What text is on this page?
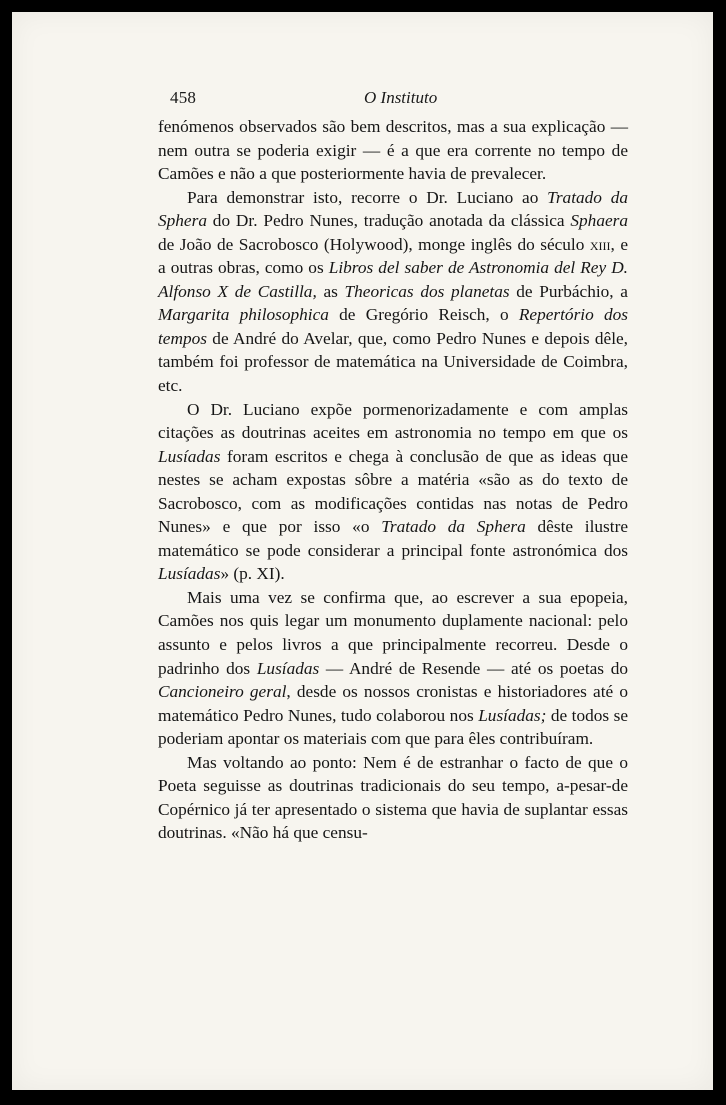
458	O Instituto

fenómenos observados são bem descritos, mas a sua explicação — nem outra se poderia exigir — é a que era corrente no tempo de Camões e não a que posteriormente havia de prevalecer.

Para demonstrar isto, recorre o Dr. Luciano ao Tratado da Sphera do Dr. Pedro Nunes, tradução anotada da clássica Sphaera de João de Sacrobosco (Holywood), monge inglês do século xiii, e a outras obras, como os Libros del saber de Astronomia del Rey D. Alfonso X de Castilla, as Theoricas dos planetas de Purbáchio, a Margarita philosophica de Gregório Reisch, o Repertório dos tempos de André do Avelar, que, como Pedro Nunes e depois dêle, também foi professor de matemática na Universidade de Coimbra, etc.

O Dr. Luciano expõe pormenorizadamente e com amplas citações as doutrinas aceites em astronomia no tempo em que os Lusíadas foram escritos e chega à conclusão de que as ideas que nestes se acham expostas sôbre a matéria «são as do texto de Sacrobosco, com as modificações contidas nas notas de Pedro Nunes» e que por isso «o Tratado da Sphera dêste ilustre matemático se pode considerar a principal fonte astronómica dos Lusíadas» (p. XI).

Mais uma vez se confirma que, ao escrever a sua epopeia, Camões nos quis legar um monumento duplamente nacional: pelo assunto e pelos livros a que principalmente recorreu. Desde o padrinho dos Lusíadas — André de Resende — até os poetas do Cancioneiro geral, desde os nossos cronistas e historiadores até o matemático Pedro Nunes, tudo colaborou nos Lusíadas; de todos se poderiam apontar os materiais com que para êles contribuíram.

Mas voltando ao ponto: Nem é de estranhar o facto de que o Poeta seguisse as doutrinas tradicionais do seu tempo, a-pesar-de Copérnico já ter apresentado o sistema que havia de suplantar essas doutrinas. «Não há que censu-
